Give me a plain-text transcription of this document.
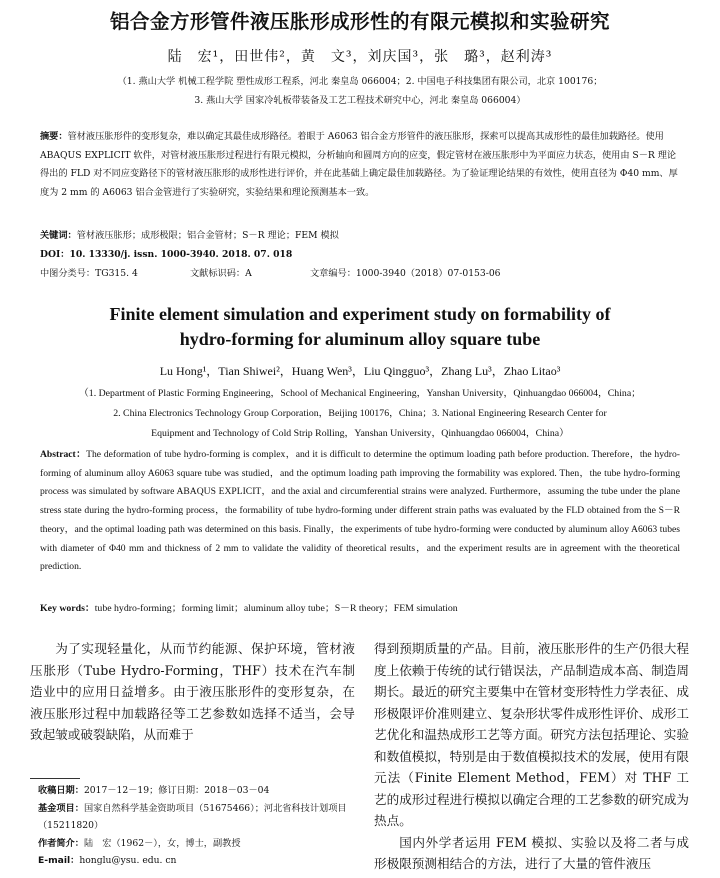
铝合金方形管件液压胀形成形性的有限元模拟和实验研究
陆　宏¹，田世伟²，黄　文³，刘庆国³，张　璐³，赵利涛³
（1. 燕山大学 机械工程学院 塑性成形工程系，河北 秦皇岛 066004；2. 中国电子科技集团有限公司，北京 100176；
3. 燕山大学 国家冷轧板带装备及工艺工程技术研究中心，河北 秦皇岛 066004）
摘要：管材液压胀形件的变形复杂，难以确定其最佳成形路径。着眼于 A6063 铝合金方形管件的液压胀形，探索可以提高其成形性的最佳加载路径。使用 ABAQUS EXPLICIT 软件，对管材液压胀形过程进行有限元模拟，分析轴向和圆周方向的应变，假定管材在液压胀形中为平面应力状态，使用由 S－R 理论得出的 FLD 对不同应变路径下的管材液压胀形的成形性进行评价，并在此基础上确定最佳加载路径。为了验证理论结果的有效性，使用直径为 Φ40 mm、厚度为 2 mm 的 A6063 铝合金管进行了实验研究，实验结果和理论预测基本一致。
关键词：管材液压胀形；成形极限；铝合金管材；S－R 理论；FEM 模拟
DOI：10. 13330/j. issn. 1000-3940. 2018. 07. 018
中图分类号：TG315. 4	文献标识码：A	文章编号：1000-3940（2018）07-0153-06
Finite element simulation and experiment study on formability of
hydro-forming for aluminum alloy square tube
Lu Hong¹，Tian Shiwei²，Huang Wen³，Liu Qingguo³，Zhang Lu³，Zhao Litao³
（1. Department of Plastic Forming Engineering，School of Mechanical Engineering，Yanshan University，Qinhuangdao 066004，China；
2. China Electronics Technology Group Corporation，Beijing 100176，China；3. National Engineering Research Center for
Equipment and Technology of Cold Strip Rolling，Yanshan University，Qinhuangdao 066004，China）
Abstract：The deformation of tube hydro-forming is complex，and it is difficult to determine the optimum loading path before production. Therefore，the hydro-forming of aluminum alloy A6063 square tube was studied，and the optimum loading path improving the formability was explored. Then，the tube hydro-forming process was simulated by software ABAQUS EXPLICIT，and the axial and circumferential strains were analyzed. Furthermore，assuming the tube under the plane stress state during the hydro-forming process，the formability of tube hydro-forming under different strain paths was evaluated by the FLD obtained from the S－R theory，and the optimal loading path was determined on this basis. Finally，the experiments of tube hydro-forming were conducted by aluminum alloy A6063 tubes with diameter of Φ40 mm and thickness of 2 mm to validate the validity of theoretical results，and the experiment results are in agreement with the theoretical prediction.
Key words：tube hydro-forming；forming limit；aluminum alloy tube；S－R theory；FEM simulation

为了实现轻量化，从而节约能源、保护环境，管材液压胀形（Tube Hydro-Forming，THF）技术在汽车制造业中的应用日益增多。由于液压胀形件的变形复杂，在液压胀形过程中加载路径等工艺参数如选择不适当，会导致起皱或破裂缺陷，从而难于

得到预期质量的产品。目前，液压胀形件的生产仍很大程度上依赖于传统的试行错误法，产品制造成本高、制造周期长。最近的研究主要集中在管材变形特性力学表征、成形极限评价准则建立、复杂形状零件成形性评价、成形工艺优化和温热成形工艺等方面。研究方法包括理论、实验和数值模拟，特别是由于数值模拟技术的发展，使用有限元法（Finite Element Method，FEM）对 THF 工艺的成形过程进行模拟以确定合理的工艺参数的研究成为热点。

国内外学者运用 FEM 模拟、实验以及将二者与成形极限预测相结合的方法，进行了大量的管件液压

收稿日期：2017－12－19；修订日期：2018－03－04
基金项目：国家自然科学基金资助项目（51675466）；河北省科技计划项目（15211820）
作者简介：陆　宏（1962－），女，博士，副教授
E-mail：honglu@ysu. edu. cn
